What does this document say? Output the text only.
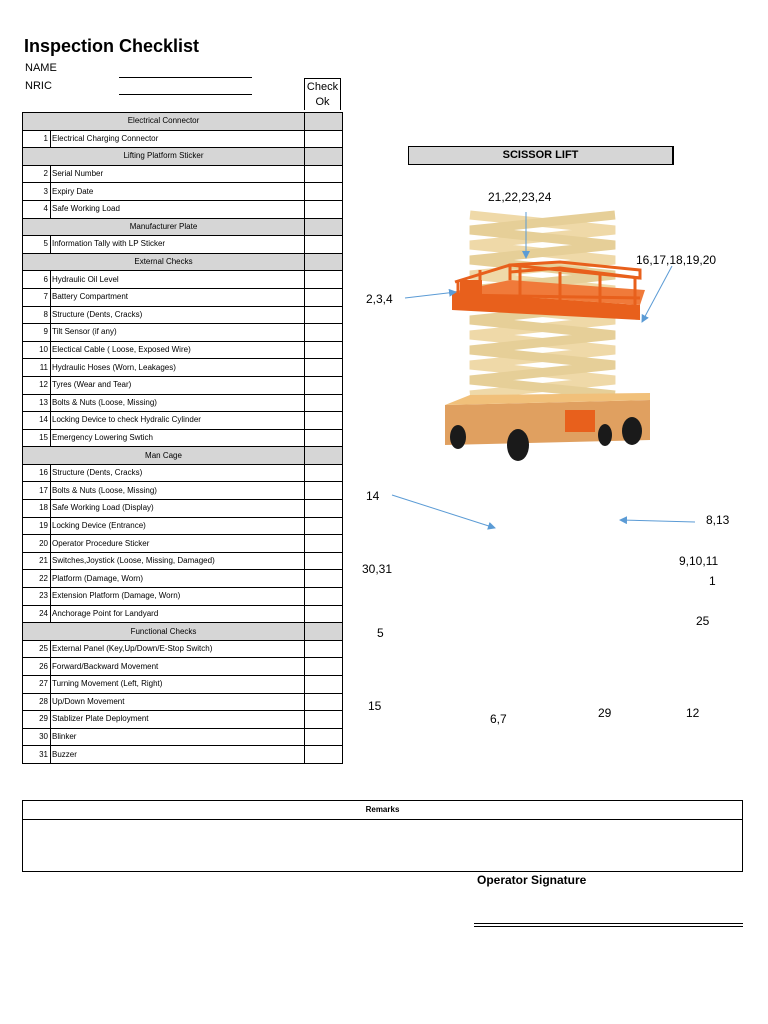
Inspection Checklist
NAME
NRIC	Check
Ok
Electrical Connector		
1	Electrical Charging Connector	
Lifting Platform Sticker		
2	Serial Number	
3	Expiry Date	
4	Safe Working Load	
Manufacturer Plate		
5	Information Tally with LP Sticker	
External Checks		
6	Hydraulic Oil Level	
7	Battery Compartment	
8	Structure (Dents, Cracks)	
9	Tilt Sensor (if any)	
10	Electical Cable ( Loose, Exposed Wire)	
11	Hydraulic Hoses (Worn, Leakages)	
12	Tyres (Wear and Tear)	
13	Bolts & Nuts (Loose, Missing)	
14	Locking Device to check Hydralic Cylinder	
15	Emergency Lowering Swtich	
Man Cage		
16	Structure (Dents, Cracks)	
17	Bolts & Nuts (Loose, Missing)	
18	Safe Working Load (Display)	
19	Locking Device (Entrance)	
20	Operator Procedure Sticker	
21	Switches,Joystick (Loose, Missing, Damaged)	
22	Platform (Damage, Worn)	
23	Extension Platform (Damage, Worn)	
24	Anchorage Point for Landyard	
Functional Checks		
25	External Panel (Key,Up/Down/E-Stop Switch)	
26	Forward/Backward Movement	
27	Turning Movement (Left, Right)	
28	Up/Down Movement	
29	Stablizer Plate Deployment	
30	Blinker	
31	Buzzer	
SCISSOR LIFT
21,22,23,24
16,17,18,19,20
2,3,4
14
8,13
9,10,11
30,31
1
5
25
15	29	12
6,7
Remarks
Operator Signature
